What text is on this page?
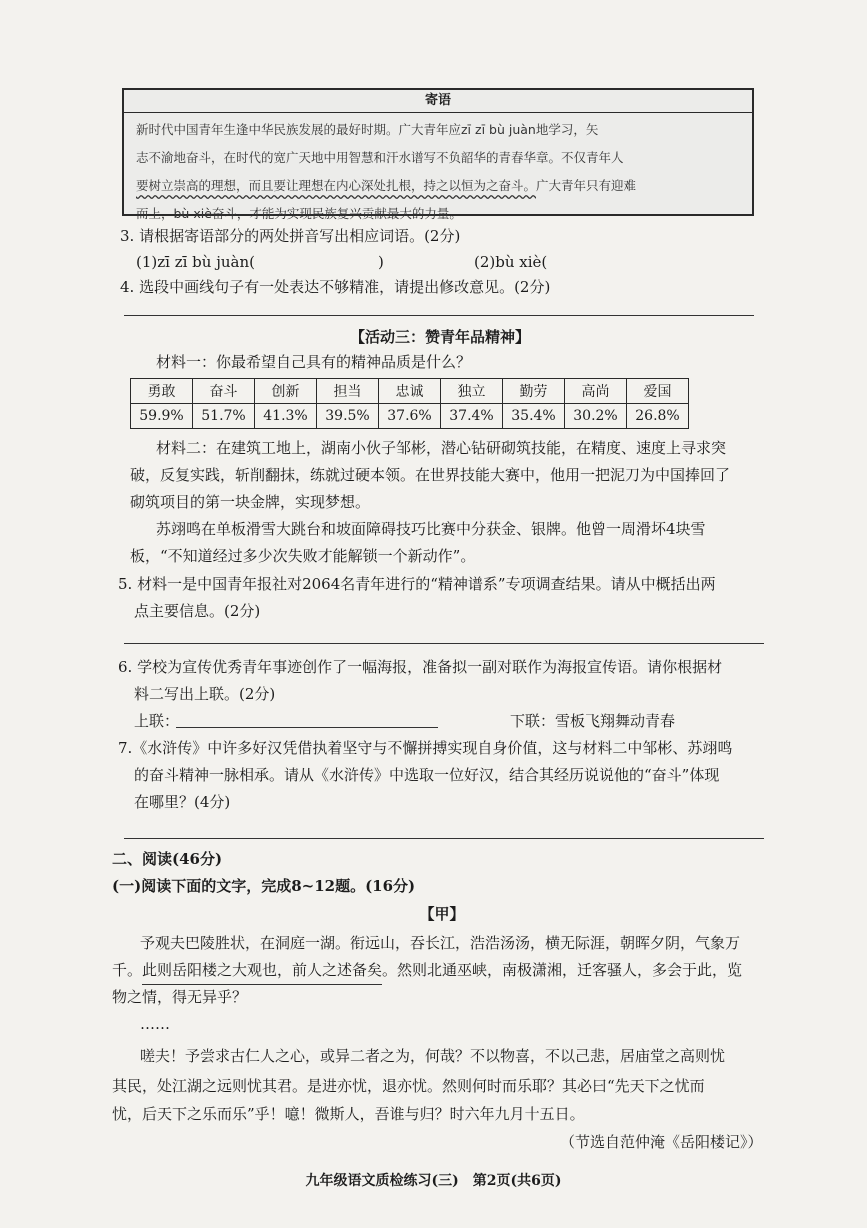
寄语
新时代中国青年生逢中华民族发展的最好时期。广大青年应zī zī bù juàn地学习，矢
志不渝地奋斗，在时代的宽广天地中用智慧和汗水谱写不负韶华的青春华章。不仅青年人
要树立崇高的理想，而且要让理想在内心深处扎根，持之以恒为之奋斗。广大青年只有迎难
而上，bù xiè奋斗，才能为实现民族复兴贡献最大的力量。
3. 请根据寄语部分的两处拼音写出相应词语。(2分)
(1)zī zī bù juàn(	)	(2)bù xiè(
4. 选段中画线句子有一处表达不够精准，请提出修改意见。(2分)
【活动三：赞青年品精神】
材料一：你最希望自己具有的精神品质是什么？
勇敢	奋斗	创新	担当	忠诚	独立	勤劳	高尚	爱国
59.9%	51.7%	41.3%	39.5%	37.6%	37.4%	35.4%	30.2%	26.8%
材料二：在建筑工地上，湖南小伙子邹彬，潜心钻研砌筑技能，在精度、速度上寻求突
破，反复实践，斩削翻抹，练就过硬本领。在世界技能大赛中，他用一把泥刀为中国捧回了
砌筑项目的第一块金牌，实现梦想。
苏翊鸣在单板滑雪大跳台和坡面障碍技巧比赛中分获金、银牌。他曾一周滑坏4块雪
板，“不知道经过多少次失败才能解锁一个新动作”。
5. 材料一是中国青年报社对2064名青年进行的“精神谱系”专项调查结果。请从中概括出两
点主要信息。(2分)
6. 学校为宣传优秀青年事迹创作了一幅海报，准备拟一副对联作为海报宣传语。请你根据材
料二写出上联。(2分)
上联：	下联：雪板飞翔舞动青春
7.《水浒传》中许多好汉凭借执着坚守与不懈拼搏实现自身价值，这与材料二中邹彬、苏翊鸣
的奋斗精神一脉相承。请从《水浒传》中选取一位好汉，结合其经历说说他的“奋斗”体现
在哪里？(4分)
二、阅读(46分)
(一)阅读下面的文字，完成8~12题。(16分)
【甲】
予观夫巴陵胜状，在洞庭一湖。衔远山，吞长江，浩浩汤汤，横无际涯，朝晖夕阴，气象万
千。此则岳阳楼之大观也，前人之述备矣。然则北通巫峡，南极潇湘，迁客骚人，多会于此，览
物之情，得无异乎？
……
嗟夫！予尝求古仁人之心，或异二者之为，何哉？不以物喜，不以己悲，居庙堂之高则忧
其民，处江湖之远则忧其君。是进亦忧，退亦忧。然则何时而乐耶？其必曰“先天下之忧而
忧，后天下之乐而乐”乎！噫！微斯人，吾谁与归？时六年九月十五日。
（节选自范仲淹《岳阳楼记》）
九年级语文质检练习(三)　第2页(共6页)
